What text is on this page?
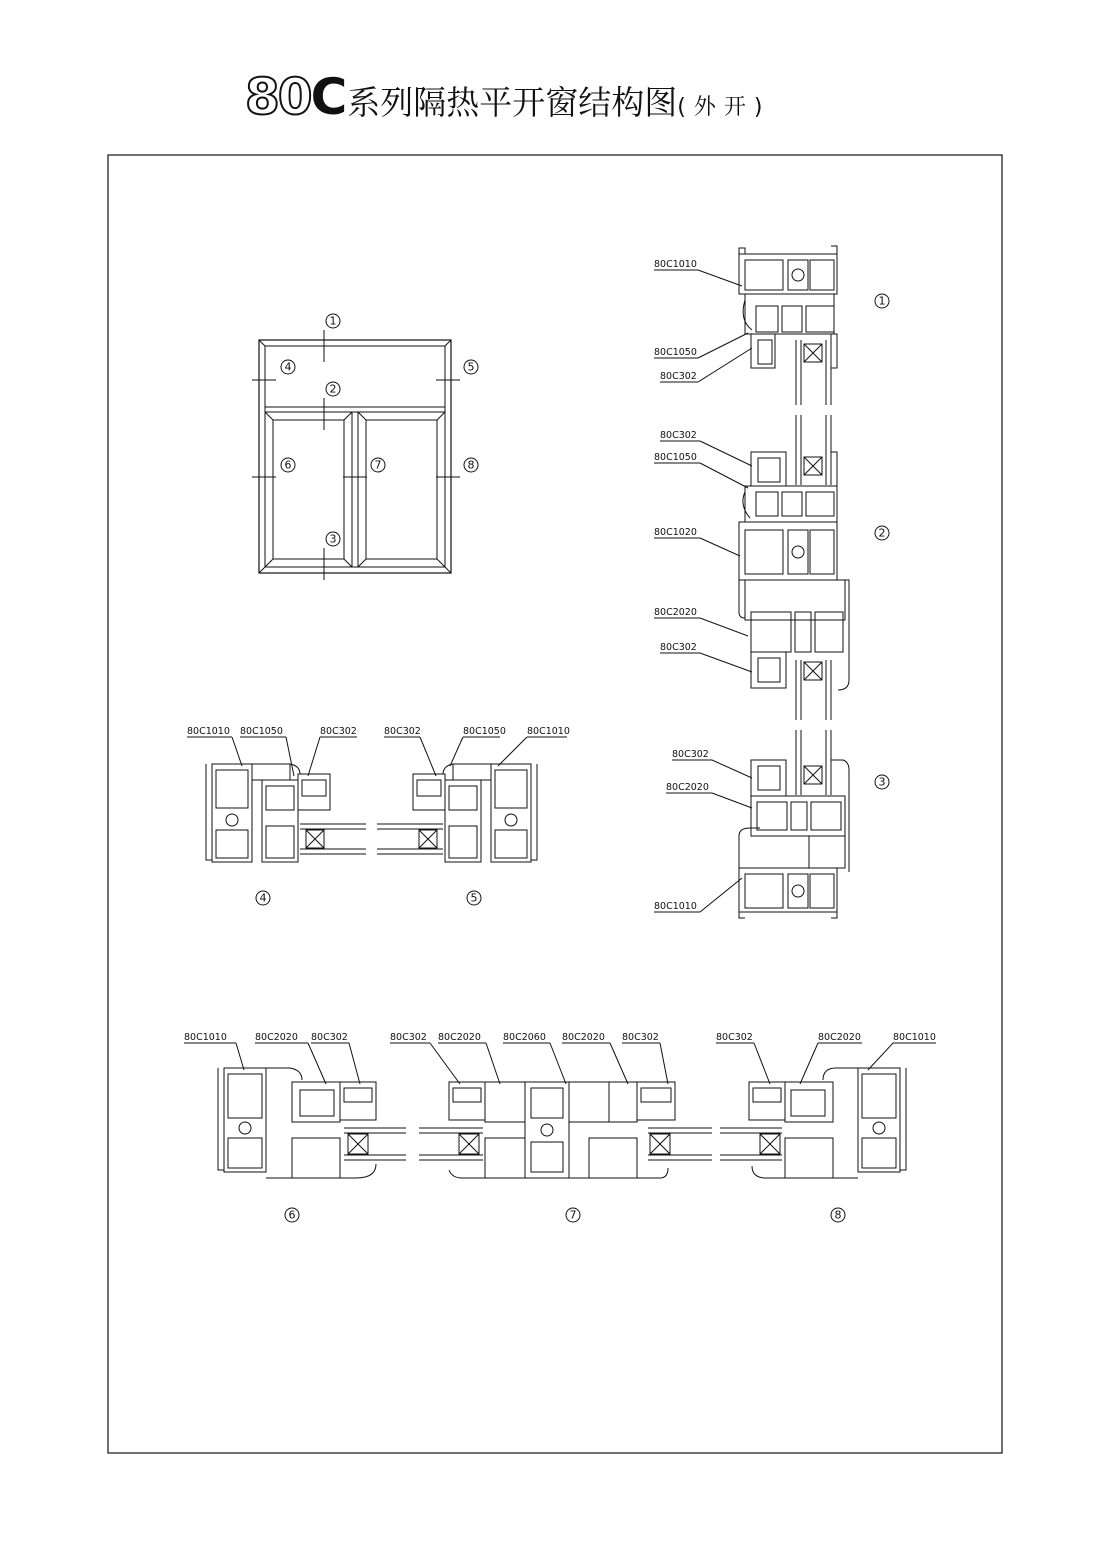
80C系列隔热平开窗结构图(外开)
1
4	5
2
6	7	8
3
80C1010
80C1050
80C302
1
80C302
80C1050
80C1020
80C2020
80C302
2
80C302
80C2020
80C1010
3
80C1010 80C1050	80C302
4
80C302	80C1050 80C1010
5
80C1010	80C2020 80C302
6
80C302 80C2020 80C2060 80C2020 80C302
7
80C302	80C2020	80C1010
8
